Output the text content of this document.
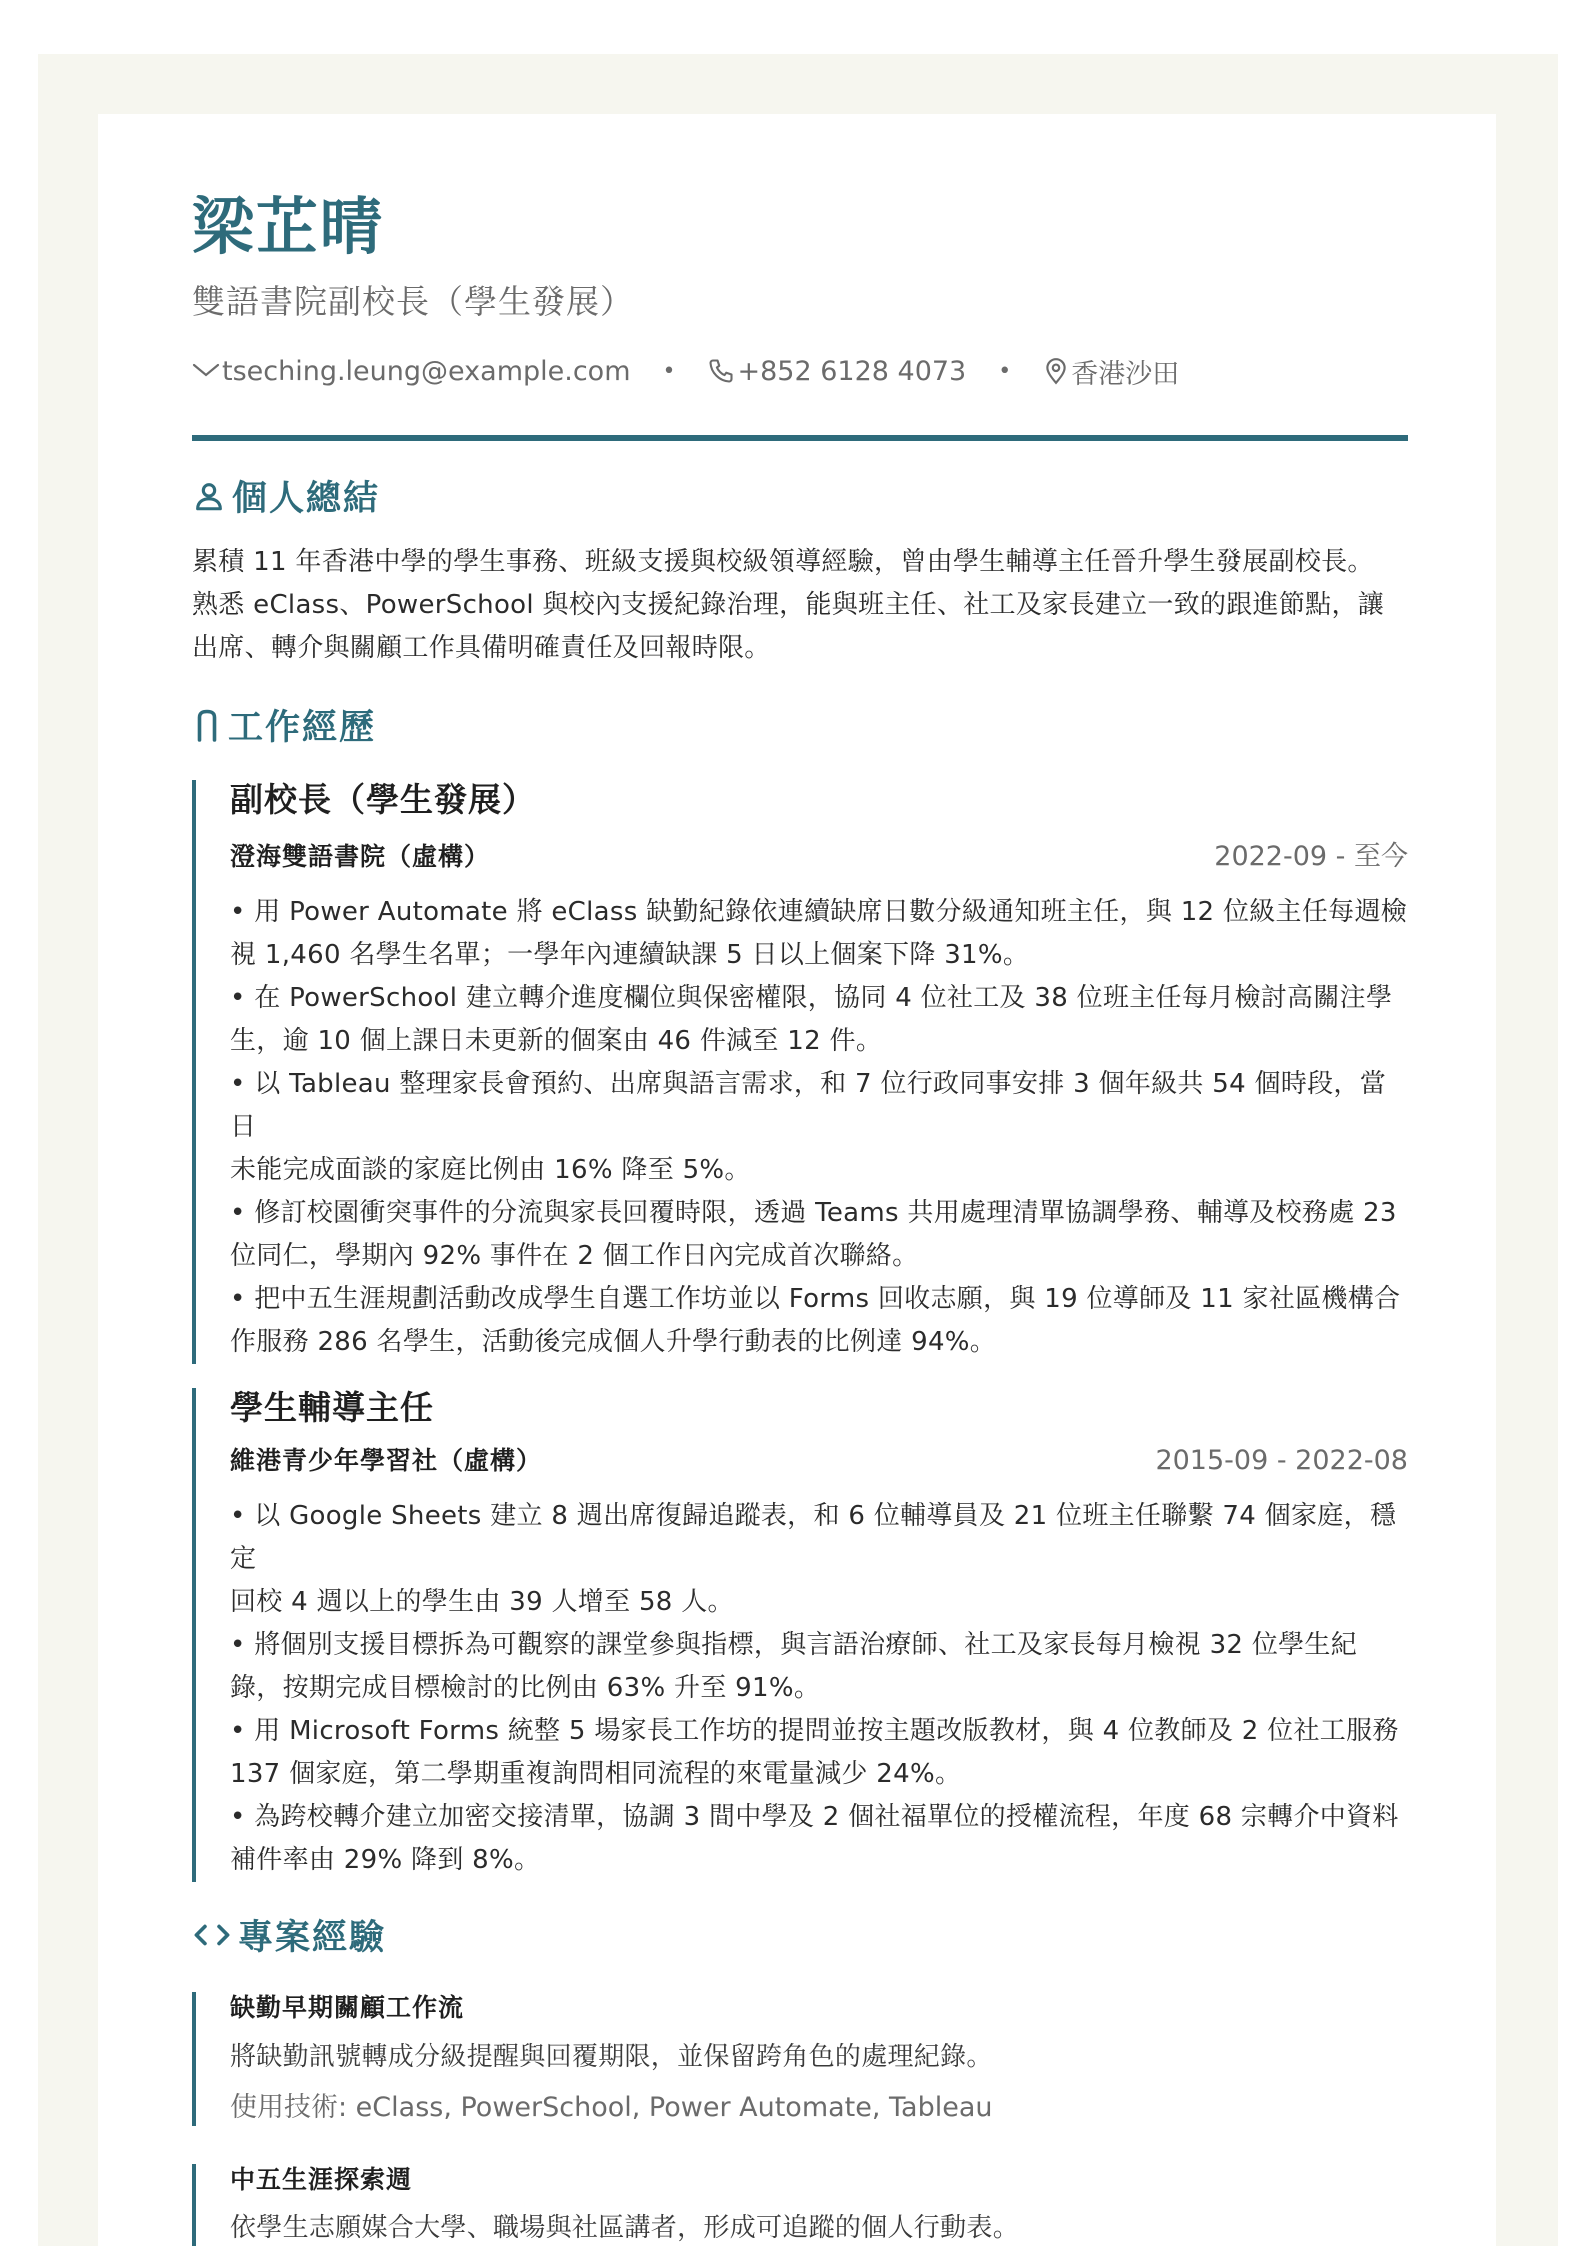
梁芷晴
雙語書院副校長（學生發展）
tseching.leung@example.com • +852 6128 4073 • 香港沙田
個人總結
累積 11 年香港中學的學生事務、班級支援與校級領導經驗，曾由學生輔導主任晉升學生發展副校長。
熟悉 eClass、PowerSchool 與校內支援紀錄治理，能與班主任、社工及家長建立一致的跟進節點，讓
出席、轉介與關顧工作具備明確責任及回報時限。
工作經歷
副校長（學生發展）
澄海雙語書院（虛構）	2022-09 - 至今
• 用 Power Automate 將 eClass 缺勤紀錄依連續缺席日數分級通知班主任，與 12 位級主任每週檢
視 1,460 名學生名單；一學年內連續缺課 5 日以上個案下降 31%。
• 在 PowerSchool 建立轉介進度欄位與保密權限，協同 4 位社工及 38 位班主任每月檢討高關注學
生，逾 10 個上課日未更新的個案由 46 件減至 12 件。
• 以 Tableau 整理家長會預約、出席與語言需求，和 7 位行政同事安排 3 個年級共 54 個時段，當日
未能完成面談的家庭比例由 16% 降至 5%。
• 修訂校園衝突事件的分流與家長回覆時限，透過 Teams 共用處理清單協調學務、輔導及校務處 23
位同仁，學期內 92% 事件在 2 個工作日內完成首次聯絡。
• 把中五生涯規劃活動改成學生自選工作坊並以 Forms 回收志願，與 19 位導師及 11 家社區機構合
作服務 286 名學生，活動後完成個人升學行動表的比例達 94%。
學生輔導主任
維港青少年學習社（虛構）	2015-09 - 2022-08
• 以 Google Sheets 建立 8 週出席復歸追蹤表，和 6 位輔導員及 21 位班主任聯繫 74 個家庭，穩定
回校 4 週以上的學生由 39 人增至 58 人。
• 將個別支援目標拆為可觀察的課堂參與指標，與言語治療師、社工及家長每月檢視 32 位學生紀
錄，按期完成目標檢討的比例由 63% 升至 91%。
• 用 Microsoft Forms 統整 5 場家長工作坊的提問並按主題改版教材，與 4 位教師及 2 位社工服務
137 個家庭，第二學期重複詢問相同流程的來電量減少 24%。
• 為跨校轉介建立加密交接清單，協調 3 間中學及 2 個社福單位的授權流程，年度 68 宗轉介中資料
補件率由 29% 降到 8%。
專案經驗
缺勤早期關顧工作流
將缺勤訊號轉成分級提醒與回覆期限，並保留跨角色的處理紀錄。
使用技術: eClass, PowerSchool, Power Automate, Tableau
中五生涯探索週
依學生志願媒合大學、職場與社區講者，形成可追蹤的個人行動表。
